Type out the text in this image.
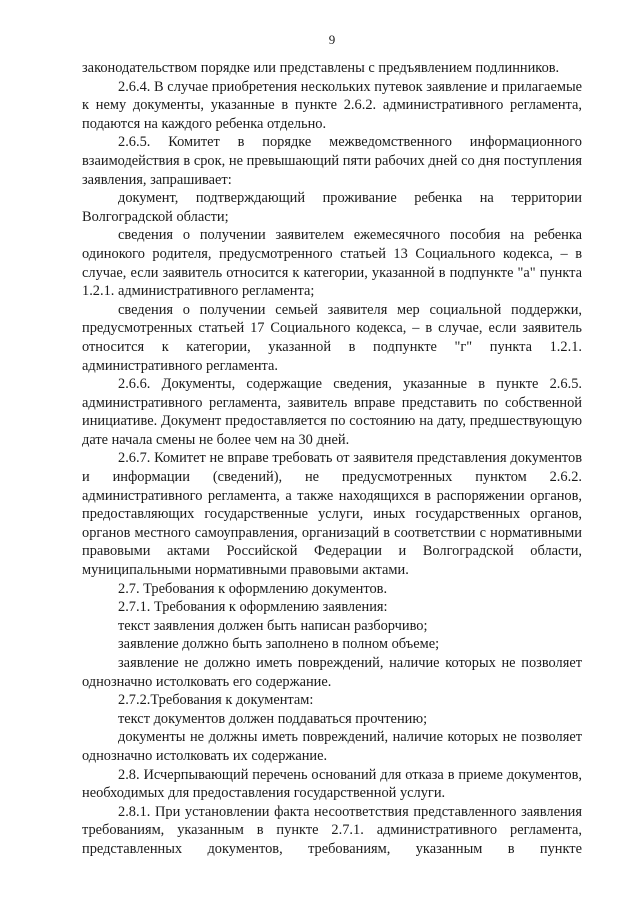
9

законодательством порядке или представлены с предъявлением подлинников.

2.6.4. В случае приобретения нескольких путевок заявление и прилагаемые к нему документы, указанные в пункте 2.6.2. административного регламента, подаются на каждого ребенка отдельно.

2.6.5. Комитет в порядке межведомственного информационного взаимодействия в срок, не превышающий пяти рабочих дней со дня поступления заявления, запрашивает:

документ, подтверждающий проживание ребенка на территории Волгоградской области;

сведения о получении заявителем ежемесячного пособия на ребенка одинокого родителя, предусмотренного статьей 13 Социального кодекса, – в случае, если заявитель относится к категории, указанной в подпункте "а" пункта 1.2.1. административного регламента;

сведения о получении семьей заявителя мер социальной поддержки, предусмотренных статьей 17 Социального кодекса, – в случае, если заявитель относится к категории, указанной в подпункте "г" пункта 1.2.1. административного регламента.

2.6.6. Документы, содержащие сведения, указанные в пункте 2.6.5. административного регламента, заявитель вправе представить по собственной инициативе. Документ предоставляется по состоянию на дату, предшествующую дате начала смены не более чем на 30 дней.

2.6.7. Комитет не вправе требовать от заявителя представления документов и информации (сведений), не предусмотренных пунктом 2.6.2. административного регламента, а также находящихся в распоряжении органов, предоставляющих государственные услуги, иных государственных органов, органов местного самоуправления, организаций в соответствии с нормативными правовыми актами Российской Федерации и Волгоградской области, муниципальными нормативными правовыми актами.

2.7. Требования к оформлению документов.

2.7.1. Требования к оформлению заявления:

текст заявления должен быть написан разборчиво;

заявление должно быть заполнено в полном объеме;

заявление не должно иметь повреждений, наличие которых не позволяет однозначно истолковать его содержание.

2.7.2.Требования к документам:

текст документов должен поддаваться прочтению;

документы не должны иметь повреждений, наличие которых не позволяет однозначно истолковать их содержание.

2.8. Исчерпывающий перечень оснований для отказа в приеме документов, необходимых для предоставления государственной услуги.

2.8.1. При установлении факта несоответствия представленного заявления требованиям, указанным в пункте 2.7.1. административного регламента, представленных документов, требованиям, указанным в пункте
